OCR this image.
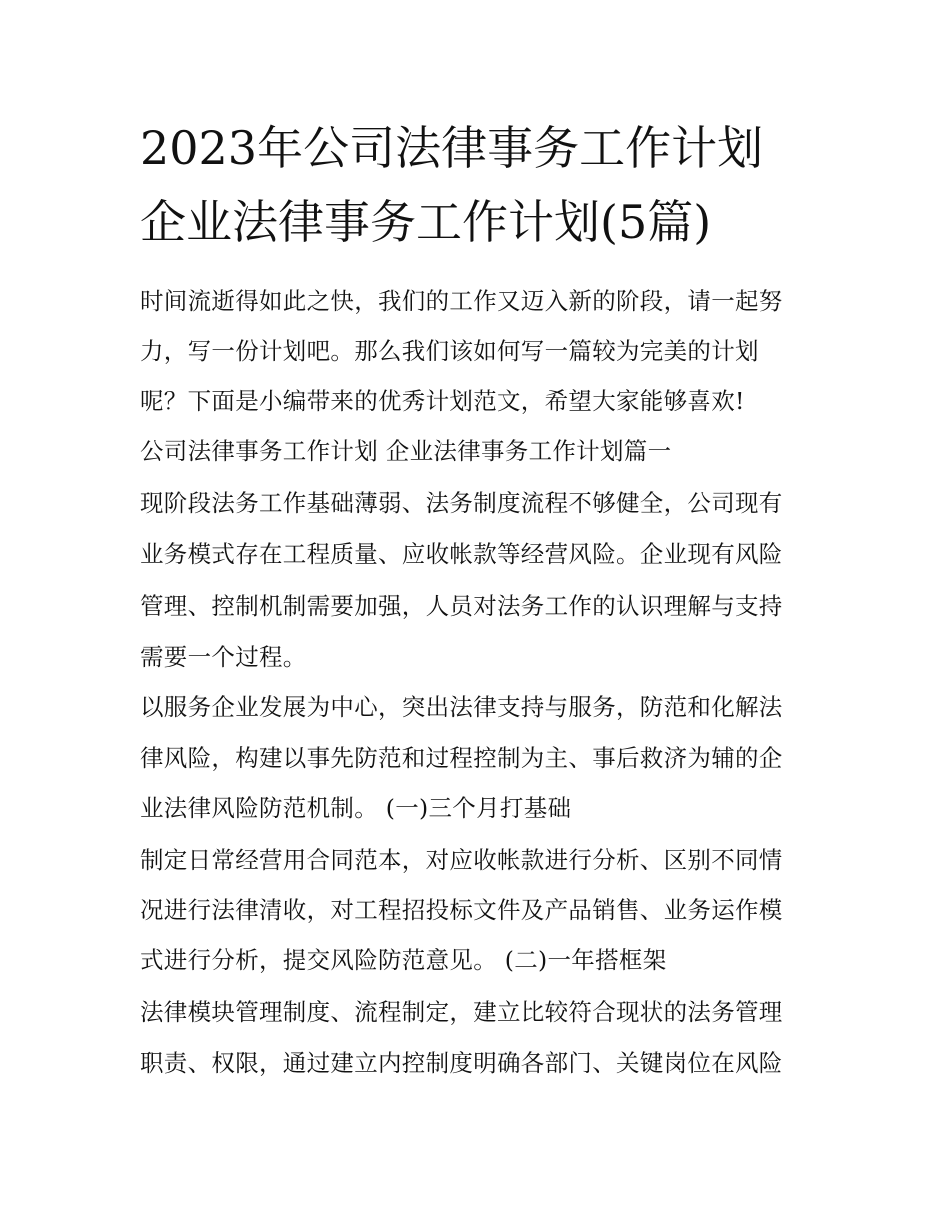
2023年公司法律事务工作计划
企业法律事务工作计划(5篇)
时间流逝得如此之快，我们的工作又迈入新的阶段，请一起努
力，写一份计划吧。那么我们该如何写一篇较为完美的计划
呢？下面是小编带来的优秀计划范文，希望大家能够喜欢!
公司法律事务工作计划 企业法律事务工作计划篇一
现阶段法务工作基础薄弱、法务制度流程不够健全，公司现有
业务模式存在工程质量、应收帐款等经营风险。企业现有风险
管理、控制机制需要加强，人员对法务工作的认识理解与支持
需要一个过程。
以服务企业发展为中心，突出法律支持与服务，防范和化解法
律风险，构建以事先防范和过程控制为主、事后救济为辅的企
业法律风险防范机制。 (一)三个月打基础
制定日常经营用合同范本，对应收帐款进行分析、区别不同情
况进行法律清收，对工程招投标文件及产品销售、业务运作模
式进行分析，提交风险防范意见。 (二)一年搭框架
法律模块管理制度、流程制定，建立比较符合现状的法务管理
职责、权限，通过建立内控制度明确各部门、关键岗位在风险
